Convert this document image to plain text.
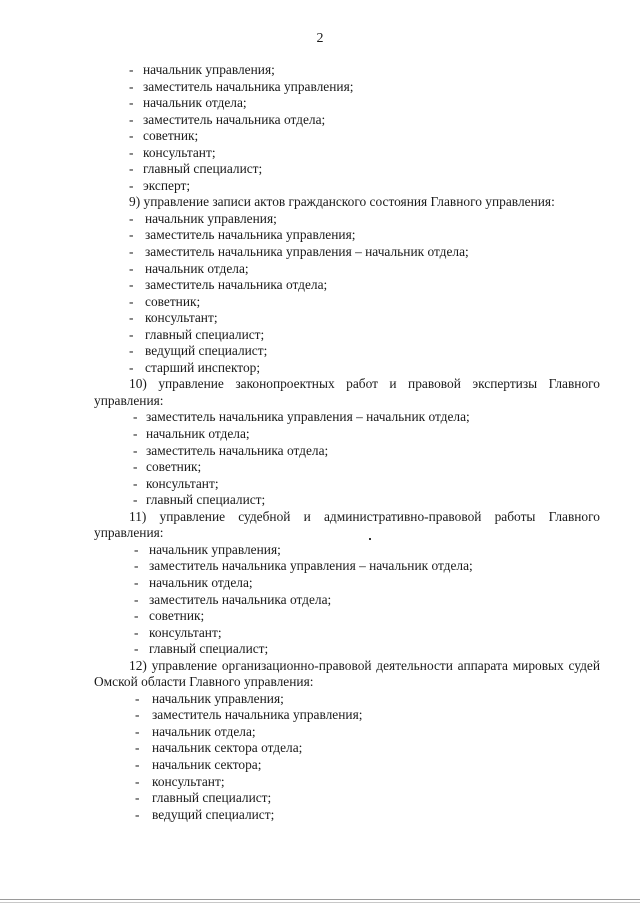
2
- начальник управления;
- заместитель начальника управления;
- начальник отдела;
- заместитель начальника отдела;
- советник;
- консультант;
- главный специалист;
- эксперт;

9) управление записи актов гражданского состояния Главного управления:

- начальник управления;
- заместитель начальника управления;
- заместитель начальника управления – начальник отдела;
- начальник отдела;
- заместитель начальника отдела;
- советник;
- консультант;
- главный специалист;
- ведущий специалист;
- старший инспектор;

10) управление законопроектных работ и правовой экспертизы Главного управления:

- заместитель начальника управления – начальник отдела;
- начальник отдела;
- заместитель начальника отдела;
- советник;
- консультант;
- главный специалист;

11) управление судебной и административно-правовой работы Главного управления:

- начальник управления;
- заместитель начальника управления – начальник отдела;
- начальник отдела;
- заместитель начальника отдела;
- советник;
- консультант;
- главный специалист;

12) управление организационно-правовой деятельности аппарата мировых судей Омской области Главного управления:

- начальник управления;
- заместитель начальника управления;
- начальник отдела;
- начальник сектора отдела;
- начальник сектора;
- консультант;
- главный специалист;
- ведущий специалист;
